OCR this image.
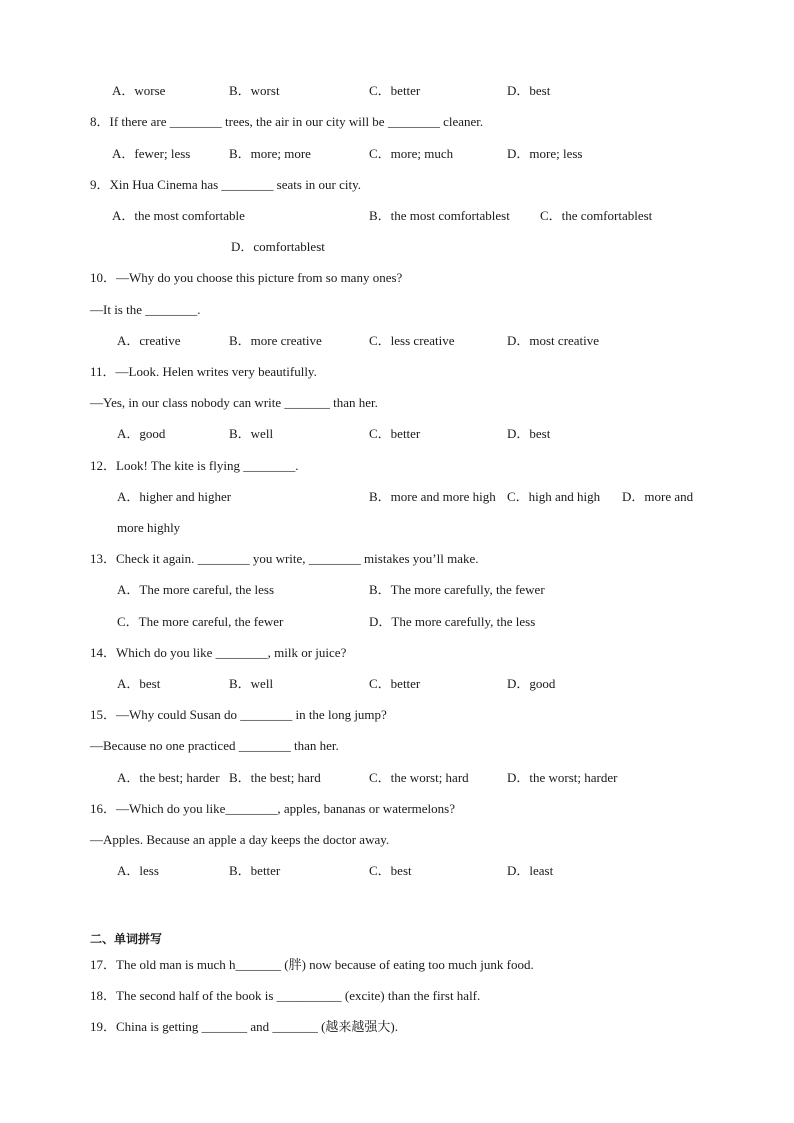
A．worse	B．worst	C．better	D．best
8．If there are ________ trees, the air in our city will be ________ cleaner.
A．fewer; less	B．more; more	C．more; much	D．more; less
9．Xin Hua Cinema has ________ seats in our city.
A．the most comfortable	B．the most comfortablest C．the comfortablest
D．comfortablest
10．—Why do you choose this picture from so many ones?
—It is the ________.
A．creative	B．more creative	C．less creative	D．most creative
11．—Look. Helen writes very beautifully.
—Yes, in our class nobody can write _______ than her.
A．good	B．well	C．better	D．best
12．Look! The kite is flying ________.
A．higher and higher	B．more and more high C．high and high D．more and
more highly
13．Check it again. ________ you write, ________ mistakes you’ll make.
A．The more careful, the less	B．The more carefully, the fewer
C．The more careful, the fewer	D．The more carefully, the less
14．Which do you like ________, milk or juice?
A．best	B．well	C．better	D．good
15．—Why could Susan do ________ in the long jump?
—Because no one practiced ________ than her.
A．the best; harder B．the best; hard	C．the worst; hard	D．the worst; harder
16．—Which do you like________, apples, bananas or watermelons?
—Apples. Because an apple a day keeps the doctor away.
A．less	B．better	C．best	D．least
二、单词拼写
17．The old man is much h_______ (胖) now because of eating too much junk food.
18．The second half of the book is __________ (excite) than the first half.
19．China is getting _______ and _______ (越来越强大).
